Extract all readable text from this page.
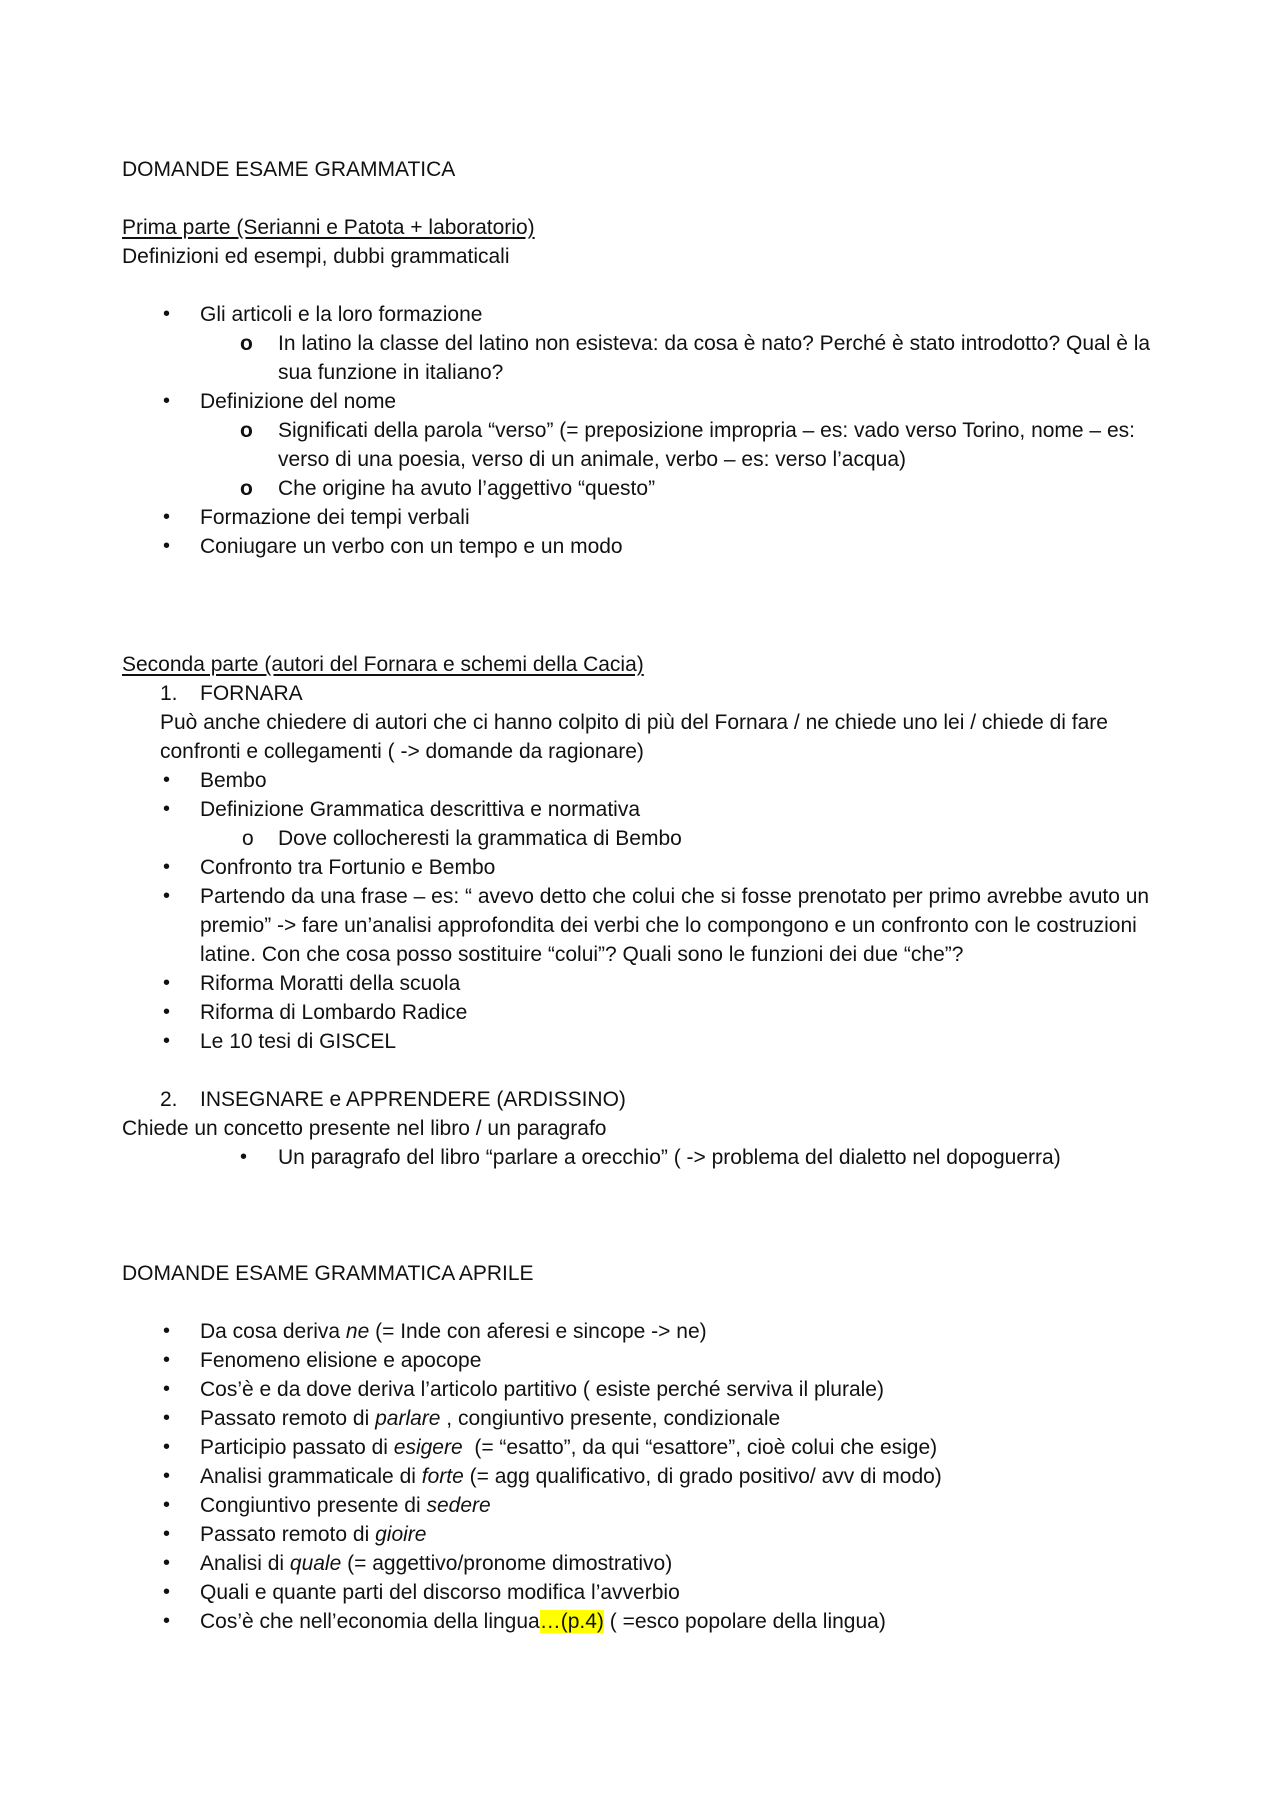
DOMANDE ESAME GRAMMATICA
Prima parte (Serianni e Patota + laboratorio)
Definizioni ed esempi, dubbi grammaticali
• Gli articoli e la loro formazione
o In latino la classe del latino non esisteva: da cosa è nato? Perché è stato introdotto? Qual è la sua funzione in italiano?
• Definizione del nome
o Significati della parola “verso” (= preposizione impropria – es: vado verso Torino, nome – es: verso di una poesia, verso di un animale, verbo – es: verso l’acqua)
o Che origine ha avuto l’aggettivo “questo”
• Formazione dei tempi verbali
• Coniugare un verbo con un tempo e un modo
Seconda parte (autori del Fornara e schemi della Cacia)
1. FORNARA
Può anche chiedere di autori che ci hanno colpito di più del Fornara / ne chiede uno lei / chiede di fare confronti e collegamenti ( -> domande da ragionare)
• Bembo
• Definizione Grammatica descrittiva e normativa
o Dove collocheresti la grammatica di Bembo
• Confronto tra Fortunio e Bembo
• Partendo da una frase – es: “ avevo detto che colui che si fosse prenotato per primo avrebbe avuto un premio” -> fare un’analisi approfondita dei verbi che lo compongono e un confronto con le costruzioni latine. Con che cosa posso sostituire “colui”? Quali sono le funzioni dei due “che”?
• Riforma Moratti della scuola
• Riforma di Lombardo Radice
• Le 10 tesi di GISCEL
2. INSEGNARE e APPRENDERE (ARDISSINO)
Chiede un concetto presente nel libro / un paragrafo
• Un paragrafo del libro “parlare a orecchio” ( -> problema del dialetto nel dopoguerra)
DOMANDE ESAME GRAMMATICA APRILE
• Da cosa deriva ne (= Inde con aferesi e sincope -> ne)
• Fenomeno elisione e apocope
• Cos’è e da dove deriva l’articolo partitivo ( esiste perché serviva il plurale)
• Passato remoto di parlare , congiuntivo presente, condizionale
• Participio passato di esigere  (= “esatto”, da qui “esattore”, cioè colui che esige)
• Analisi grammaticale di forte (= agg qualificativo, di grado positivo/ avv di modo)
• Congiuntivo presente di sedere
• Passato remoto di gioire
• Analisi di quale (= aggettivo/pronome dimostrativo)
• Quali e quante parti del discorso modifica l’avverbio
• Cos’è che nell’economia della lingua…(p.4) ( =esco popolare della lingua)
